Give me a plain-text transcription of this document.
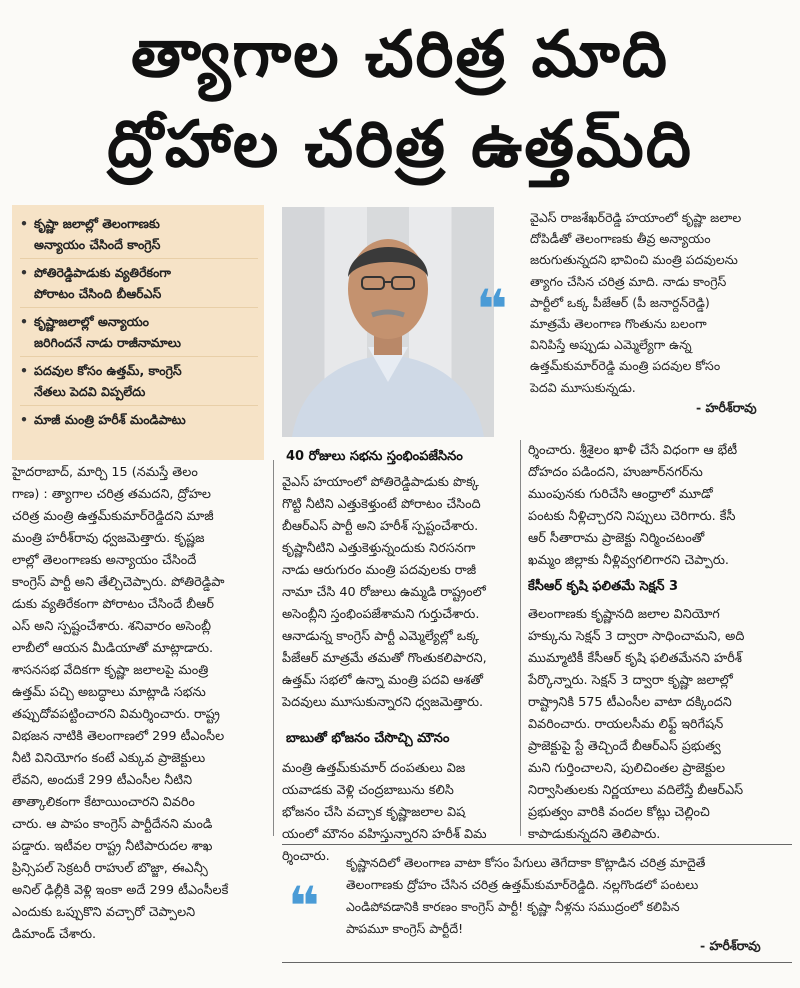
త్యాగాల చరిత్ర మాది
ద్రోహాల చరిత్ర ఉత్తమ్‌ది
• కృష్ణా జలాల్లో తెలంగాణకు
అన్యాయం చేసిందే కాంగ్రెస్
• పోతిరెడ్డిపాడుకు వ్యతిరేకంగా
పోరాటం చేసింది బీఆర్‌ఎస్
• కృష్ణాజలాల్లో అన్యాయం
జరిగిందనే నాడు రాజీనామాలు
• పదవుల కోసం ఉత్తమ్, కాంగ్రెస్
నేతలు పెదవి విప్పలేదు
• మాజీ మంత్రి హరీశ్ మండిపాటు
❝
వైఎస్ రాజశేఖర్‌రెడ్డి హయాంలో కృష్ణా జలాల
దోపిడీతో తెలంగాణకు తీవ్ర అన్యాయం
జరుగుతున్నదని భావించి మంత్రి పదవులను
త్యాగం చేసిన చరిత్ర మాది. నాడు కాంగ్రెస్
పార్టీలో ఒక్క పీజేఆర్ (పీ జనార్దన్‌రెడ్డి)
మాత్రమే తెలంగాణ గొంతును బలంగా
వినిపిస్తే అప్పుడు ఎమ్మెల్యేగా ఉన్న
ఉత్తమ్‌కుమార్‌రెడ్డి మంత్రి పదవుల కోసం
పెదవి మూసుకున్నడు.
- హరీశ్‌రావు
హైదరాబాద్, మార్చి 15 (నమస్తే తెలం
గాణ) : త్యాగాల చరిత్ర తమదని, ద్రోహల
చరిత్ర మంత్రి ఉత్తమ్‌కుమార్‌రెడ్డిదని మాజీ
మంత్రి హరీశ్‌రావు ధ్వజమెత్తారు. కృష్ణజ
లాల్లో తెలంగాణకు అన్యాయం చేసిందే
కాంగ్రెస్ పార్టీ అని తేల్చిచెప్పారు. పోతిరెడ్డిపా
డుకు వ్యతిరేకంగా పోరాటం చేసిందే బీఆర్
ఎస్ అని స్పష్టంచేశారు. శనివారం అసెంబ్లీ
లాబీలో ఆయన మీడియాతో మాట్లాడారు.
శాసనసభ వేదికగా కృష్ణా జలాలపై మంత్రి
ఉత్తమ్ పచ్చి అబద్ధాలు మాట్లాడి సభను
తప్పుదోవపట్టించారని విమర్శించారు. రాష్ట్ర
విభజన నాటికి తెలంగాణలో 299 టీఎంసీల
నీటి వినియోగం కంటే ఎక్కువ ప్రాజెక్టులు
లేవని, అందుకే 299 టీఎంసీల నీటిని
తాత్కాలికంగా కేటాయించారని వివరిం
చారు. ఆ పాపం కాంగ్రెస్ పార్టీదేనని మండి
పడ్డారు. ఇటీవల రాష్ట్ర నీటిపారుదల శాఖ
ప్రిన్సిపల్ సెక్రటరీ రాహుల్ బొజ్జా, ఈఎన్సీ
అనిల్ ఢిల్లీకి వెళ్లి ఇంకా అదే 299 టీఎంసీలకే
ఎందుకు ఒప్పుకొని వచ్చారో చెప్పాలని
డిమాండ్ చేశారు.
40 రోజులు సభను స్తంభింపజేసినం
వైఎస్ హయాంలో పోతిరెడ్డిపాడుకు పొక్క
గొట్టి నీటిని ఎత్తుకెళ్తుంటే పోరాటం చేసింది
బీఆర్‌ఎస్ పార్టీ అని హరీశ్ స్పష్టంచేశారు.
కృష్ణానీటిని ఎత్తుకెళ్తున్నందుకు నిరసనగా
నాడు ఆరుగురం మంత్రి పదవులకు రాజీ
నామా చేసి 40 రోజులు ఉమ్మడి రాష్ట్రంలో
అసెంబ్లీని స్తంభింపజేశామని గుర్తుచేశారు.
ఆనాడున్న కాంగ్రెస్ పార్టీ ఎమ్మెల్యేల్లో ఒక్క
పీజేఆర్ మాత్రమే తమతో గొంతుకలిపారని,
ఉత్తమ్ సభలో ఉన్నా మంత్రి పదవి ఆశతో
పెదవులు మూసుకున్నారని ధ్వజమెత్తారు.
బాబుతో భోజనం చేసొచ్చి మౌనం
మంత్రి ఉత్తమ్‌కుమార్ దంపతులు విజ
యవాడకు వెళ్లి చంద్రబాబును కలిసి
భోజనం చేసి వచ్చాక కృష్ణాజలాల విష
యంలో మౌనం వహిస్తున్నారని హరీశ్ విమ
ర్శించారు.
ర్శించారు. శ్రీశైలం ఖాళీ చేసే విధంగా ఆ భేటీ
దోహదం పడిందని, హుజూర్‌నగర్‌ను
ముంపునకు గురిచేసి ఆంధ్రాలో మూడో
పంటకు నీళ్లిచ్చారని నిప్పులు చెరిగారు. కేసీ
ఆర్ సీతారామ ప్రాజెక్టు నిర్మించటంతో
ఖమ్మం జిల్లాకు నీళ్లివ్వగలిగారని చెప్పారు.
కేసీఆర్ కృషి ఫలితమే సెక్షన్ 3
తెలంగాణకు కృష్ణానది జలాల వినియోగ
హక్కును సెక్షన్ 3 ద్వారా సాధించామని, అది
ముమ్మాటికీ కేసీఆర్ కృషి ఫలితమేనని హరీశ్
పేర్కొన్నారు. సెక్షన్ 3 ద్వారా కృష్ణా జలాల్లో
రాష్ట్రానికి 575 టీఎంసీల వాటా దక్కిందని
వివరించారు. రాయలసీమ లిఫ్ట్ ఇరిగేషన్
ప్రాజెక్టుపై స్టే తెచ్చిందే బీఆర్‌ఎస్ ప్రభుత్వ
మని గుర్తించాలని, పులిచింతల ప్రాజెక్టుల
నిర్వాసితులకు నిర్ణయాలు వదిలేస్తే బీఆర్‌ఎస్
ప్రభుత్వం వారికి వందల కోట్లు చెల్లించి
కాపాడుకున్నదని తెలిపారు.
❝
కృష్ణానదిలో తెలంగాణ వాటా కోసం పేగులు తెగేదాకా కొట్లాడిన చరిత్ర మాదైతే
తెలంగాణకు ద్రోహం చేసిన చరిత్ర ఉత్తమ్‌కుమార్‌రెడ్డిది. నల్లగొండలో పంటలు
ఎండిపోవడానికి కారణం కాంగ్రెస్ పార్టీ! కృష్ణా నీళ్లను సముద్రంలో కలిపిన
పాపమూ కాంగ్రెస్ పార్టీదే!
- హరీశ్‌రావు
